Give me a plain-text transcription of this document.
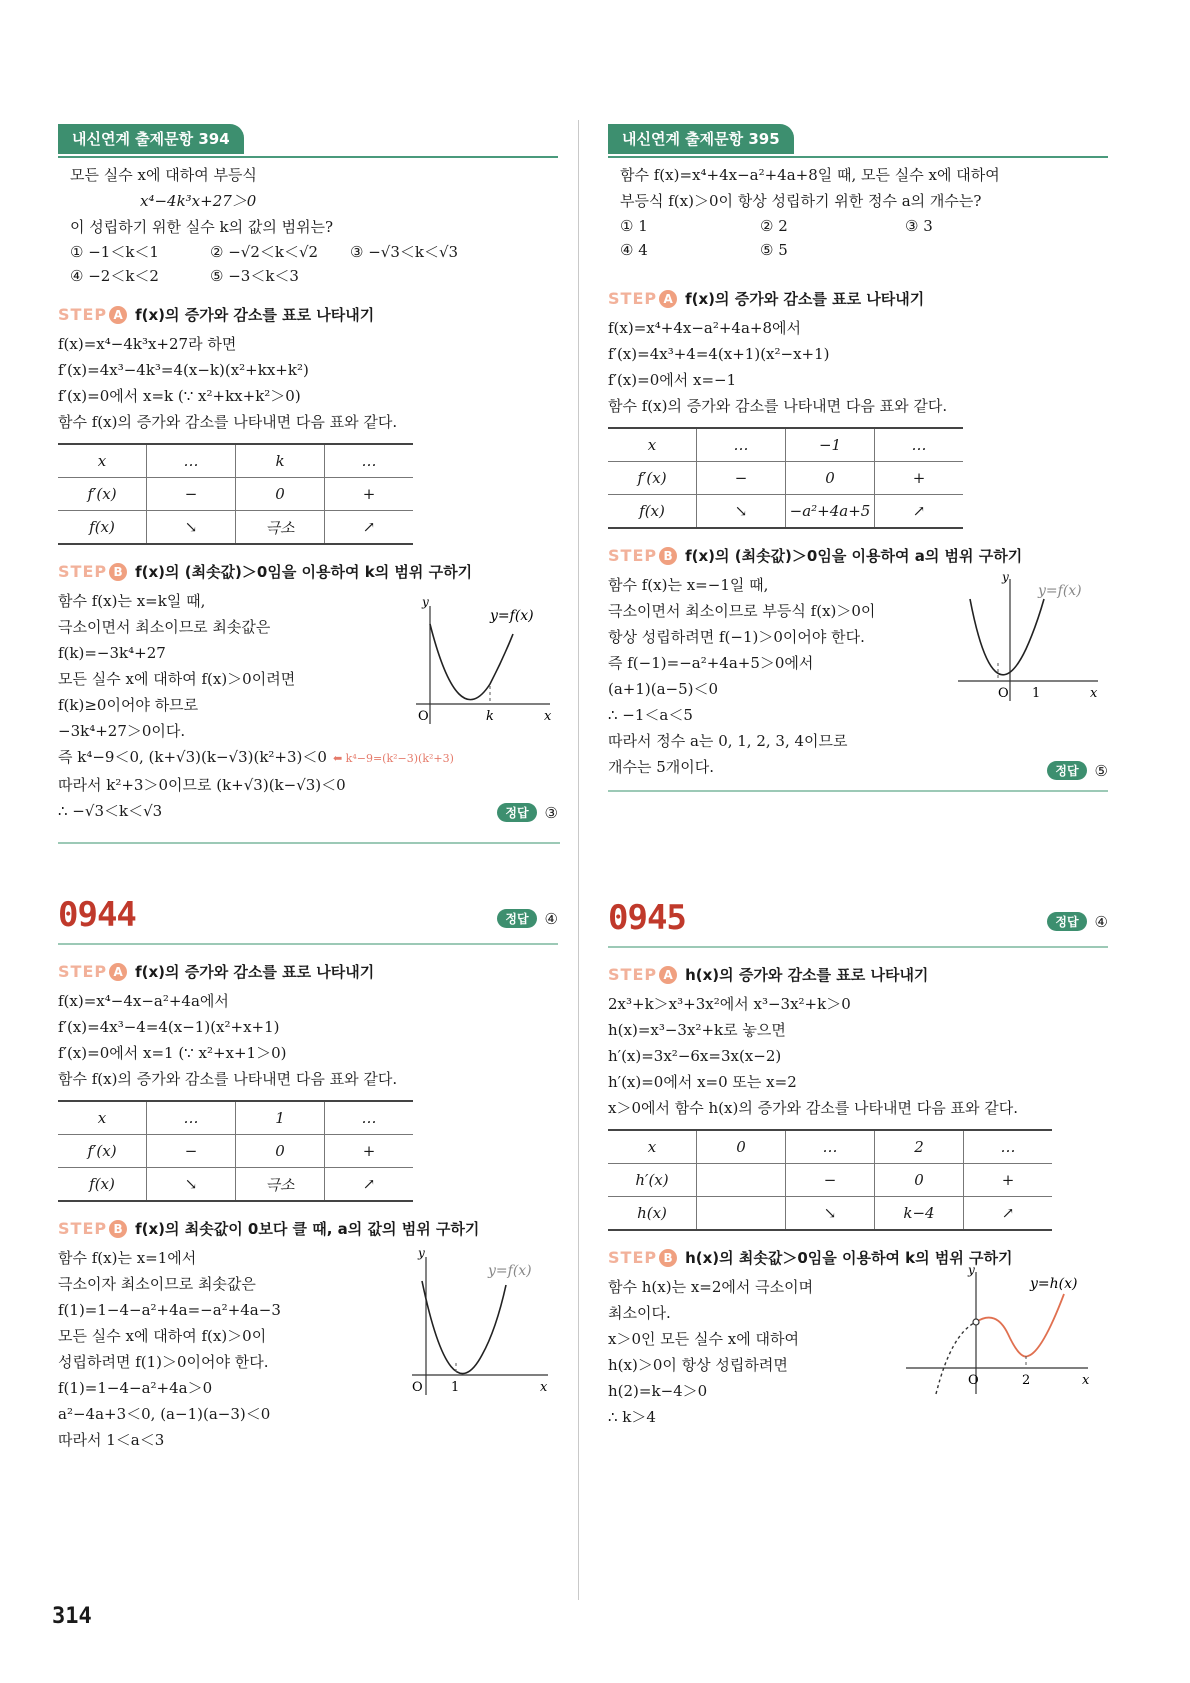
내신연계 출제문항 394
모든 실수 x에 대하여 부등식
x⁴−4k³x+27＞0
이 성립하기 위한 실수 k의 값의 범위는?
① −1＜k＜1	② −√2＜k＜√2	③ −√3＜k＜√3
④ −2＜k＜2	⑤ −3＜k＜3
STEP A f(x)의 증가와 감소를 표로 나타내기
f(x)=x⁴−4k³x+27라 하면
f′(x)=4x³−4k³=4(x−k)(x²+kx+k²)
f′(x)=0에서 x=k (∵ x²+kx+k²＞0)
함수 f(x)의 증가와 감소를 나타내면 다음 표와 같다.
x	…	k	…
f′(x)	−	0	+
f(x)	↘	극소	↗
STEP B f(x)의 (최솟값)＞0임을 이용하여 k의 범위 구하기
함수 f(x)는 x=k일 때,
극소이면서 최소이므로 최솟값은
f(k)=−3k⁴+27
모든 실수 x에 대하여 f(x)＞0이려면
f(k)≥0이어야 하므로
−3k⁴+27＞0이다.
즉 k⁴−9＜0, (k+√3)(k−√3)(k²+3)＜0 ⬅ k⁴−9=(k²−3)(k²+3)
따라서 k²+3＞0이므로 (k+√3)(k−√3)＜0
∴ −√3＜k＜√3	정답	③
y
x
O	k
y=f(x)
내신연계 출제문항 395
함수 f(x)=x⁴+4x−a²+4a+8일 때, 모든 실수 x에 대하여
부등식 f(x)＞0이 항상 성립하기 위한 정수 a의 개수는?
① 1	② 2	③ 3
④ 4	⑤ 5
STEP A f(x)의 증가와 감소를 표로 나타내기
f(x)=x⁴+4x−a²+4a+8에서
f′(x)=4x³+4=4(x+1)(x²−x+1)
f′(x)=0에서 x=−1
함수 f(x)의 증가와 감소를 나타내면 다음 표와 같다.
x	…	−1	…
f′(x)	−	0	+
f(x)	↘	−a²+4a+5	↗
STEP B f(x)의 (최솟값)＞0임을 이용하여 a의 범위 구하기
함수 f(x)는 x=−1일 때,
극소이면서 최소이므로 부등식 f(x)＞0이
항상 성립하려면 f(−1)＞0이어야 한다.
즉 f(−1)=−a²+4a+5＞0에서
(a+1)(a−5)＜0
∴ −1＜a＜5
따라서 정수 a는 0, 1, 2, 3, 4이므로
개수는 5개이다.	정답	⑤
y
x
O 1
y=f(x)
0944	정답	④
STEP A f(x)의 증가와 감소를 표로 나타내기
f(x)=x⁴−4x−a²+4a에서
f′(x)=4x³−4=4(x−1)(x²+x+1)
f′(x)=0에서 x=1 (∵ x²+x+1＞0)
함수 f(x)의 증가와 감소를 나타내면 다음 표와 같다.
x	…	1	…
f′(x)	−	0	+
f(x)	↘	극소	↗
STEP B f(x)의 최솟값이 0보다 클 때, a의 값의 범위 구하기
함수 f(x)는 x=1에서
극소이자 최소이므로 최솟값은
f(1)=1−4−a²+4a=−a²+4a−3
모든 실수 x에 대하여 f(x)＞0이
성립하려면 f(1)＞0이어야 한다.
f(1)=1−4−a²+4a＞0
a²−4a+3＜0, (a−1)(a−3)＜0
따라서 1＜a＜3
y
x
O 1
y=f(x)
0945	정답	④
STEP A h(x)의 증가와 감소를 표로 나타내기
2x³+k＞x³+3x²에서 x³−3x²+k＞0
h(x)=x³−3x²+k로 놓으면
h′(x)=3x²−6x=3x(x−2)
h′(x)=0에서 x=0 또는 x=2
x＞0에서 함수 h(x)의 증가와 감소를 나타내면 다음 표와 같다.
x	0	…	2	…
h′(x)		−	0	+
h(x)		↘	k−4	↗
STEP B h(x)의 최솟값＞0임을 이용하여 k의 범위 구하기
함수 h(x)는 x=2에서 극소이며
최소이다.
x＞0인 모든 실수 x에 대하여
h(x)＞0이 항상 성립하려면
h(2)=k−4＞0
∴ k＞4
y
x
O	2
y=h(x)
314
